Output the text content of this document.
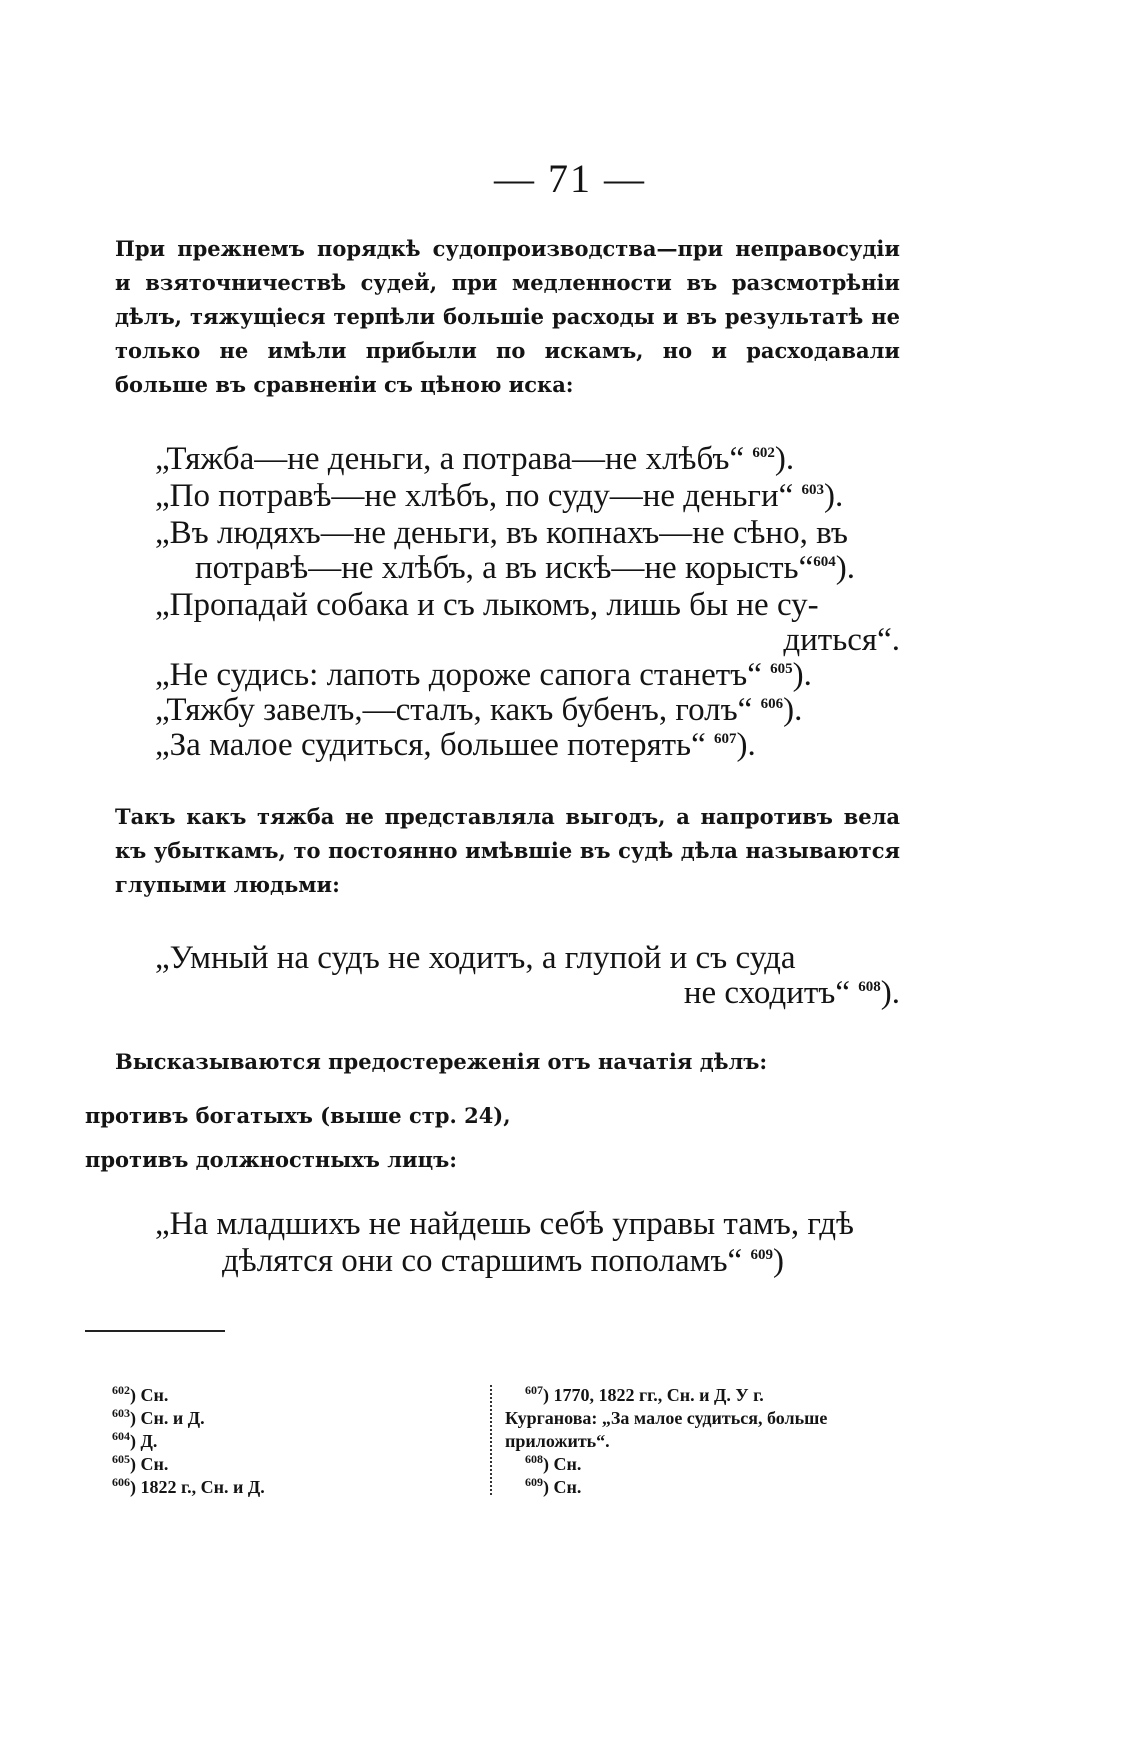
— 71 —
При прежнемъ порядкѣ судопроизводства—при неправосудіи и взяточничествѣ судей, при медленности въ разсмотрѣніи дѣлъ, тяжущіеся терпѣли большіе расходы и въ результатѣ не только не имѣли прибыли по искамъ, но и расходавали больше въ сравненіи съ цѣною иска:
„Тяжба—не деньги, а потрава—не хлѣбъ“ $^{602}$).
„По потравѣ—не хлѣбъ, по суду—не деньги“ $^{603}$).
„Въ людяхъ—не деньги, въ копнахъ—не сѣно, въ
потравѣ—не хлѣбъ, а въ искѣ—не корысть“$^{604}$).
„Пропадай собака и съ лыкомъ, лишь бы не су-
диться“.
„Не судись: лапоть дороже сапога станетъ“ $^{605}$).
„Тяжбу завелъ,—сталъ, какъ бубенъ, голъ“ $^{606}$).
„За малое судиться, большее потерять“ $^{607}$).
Такъ какъ тяжба не представляла выгодъ, а напротивъ вела къ убыткамъ, то постоянно имѣвшіе въ судѣ дѣла называются глупыми людьми:
„Умный на судъ не ходитъ, а глупой и съ суда
не сходитъ“ $^{608}$).
Высказываются предостереженія отъ начатія дѣлъ:
противъ богатыхъ (выше стр. 24),
противъ должностныхъ лицъ:
„На младшихъ не найдешь себѣ управы тамъ, гдѣ
дѣлятся они со старшимъ пополамъ“ $^{609}$)
$^{602}$) Сн.
$^{603}$) Сн. и Д.
$^{604}$) Д.
$^{605}$) Сн.
$^{606}$) 1822 г., Сн. и Д.
$^{607}$) 1770, 1822 гг., Сн. и Д. У г.
Курганова: „За малое судиться, больше
приложить“.
$^{608}$) Сн.
$^{609}$) Сн.
